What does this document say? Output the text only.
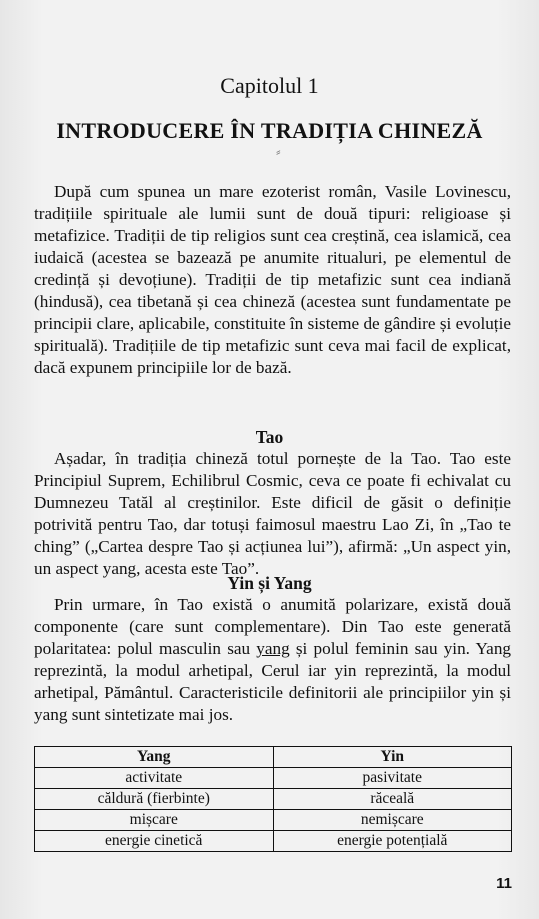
Capitolul 1
INTRODUCERE ÎN TRADIȚIA CHINEZĂ
⸗

După cum spunea un mare ezoterist român, Vasile Lovinescu, tradițiile spirituale ale lumii sunt de două tipuri: religioase și metafizice. Tradiții de tip religios sunt cea creștină, cea islamică, cea iudaică (acestea se bazează pe anumite ritualuri, pe elementul de credință și devoțiune). Tradiții de tip metafizic sunt cea indiană (hindusă), cea tibetană și cea chineză (acestea sunt fundamentate pe principii clare, aplicabile, constituite în sisteme de gândire și evoluție spirituală). Tradițiile de tip metafizic sunt ceva mai facil de explicat, dacă expunem principiile lor de bază.

Tao

Așadar, în tradiția chineză totul pornește de la Tao. Tao este Principiul Suprem, Echilibrul Cosmic, ceva ce poate fi echivalat cu Dumnezeu Tatăl al creștinilor. Este dificil de găsit o definiție potrivită pentru Tao, dar totuși faimosul maestru Lao Zi, în „Tao te ching” („Cartea despre Tao și acțiunea lui”), afirmă: „Un aspect yin, un aspect yang, acesta este Tao”.

Yin și Yang

Prin urmare, în Tao există o anumită polarizare, există două componente (care sunt complementare). Din Tao este generată polaritatea: polul masculin sau yang și polul feminin sau yin. Yang reprezintă, la modul arhetipal, Cerul iar yin reprezintă, la modul arhetipal, Pământul. Caracteristicile definitorii ale principiilor yin și yang sunt sintetizate mai jos.

Yang	Yin
activitate	pasivitate
căldură (fierbinte)	răceală
mișcare	nemișcare
energie cinetică	energie potențială
11
